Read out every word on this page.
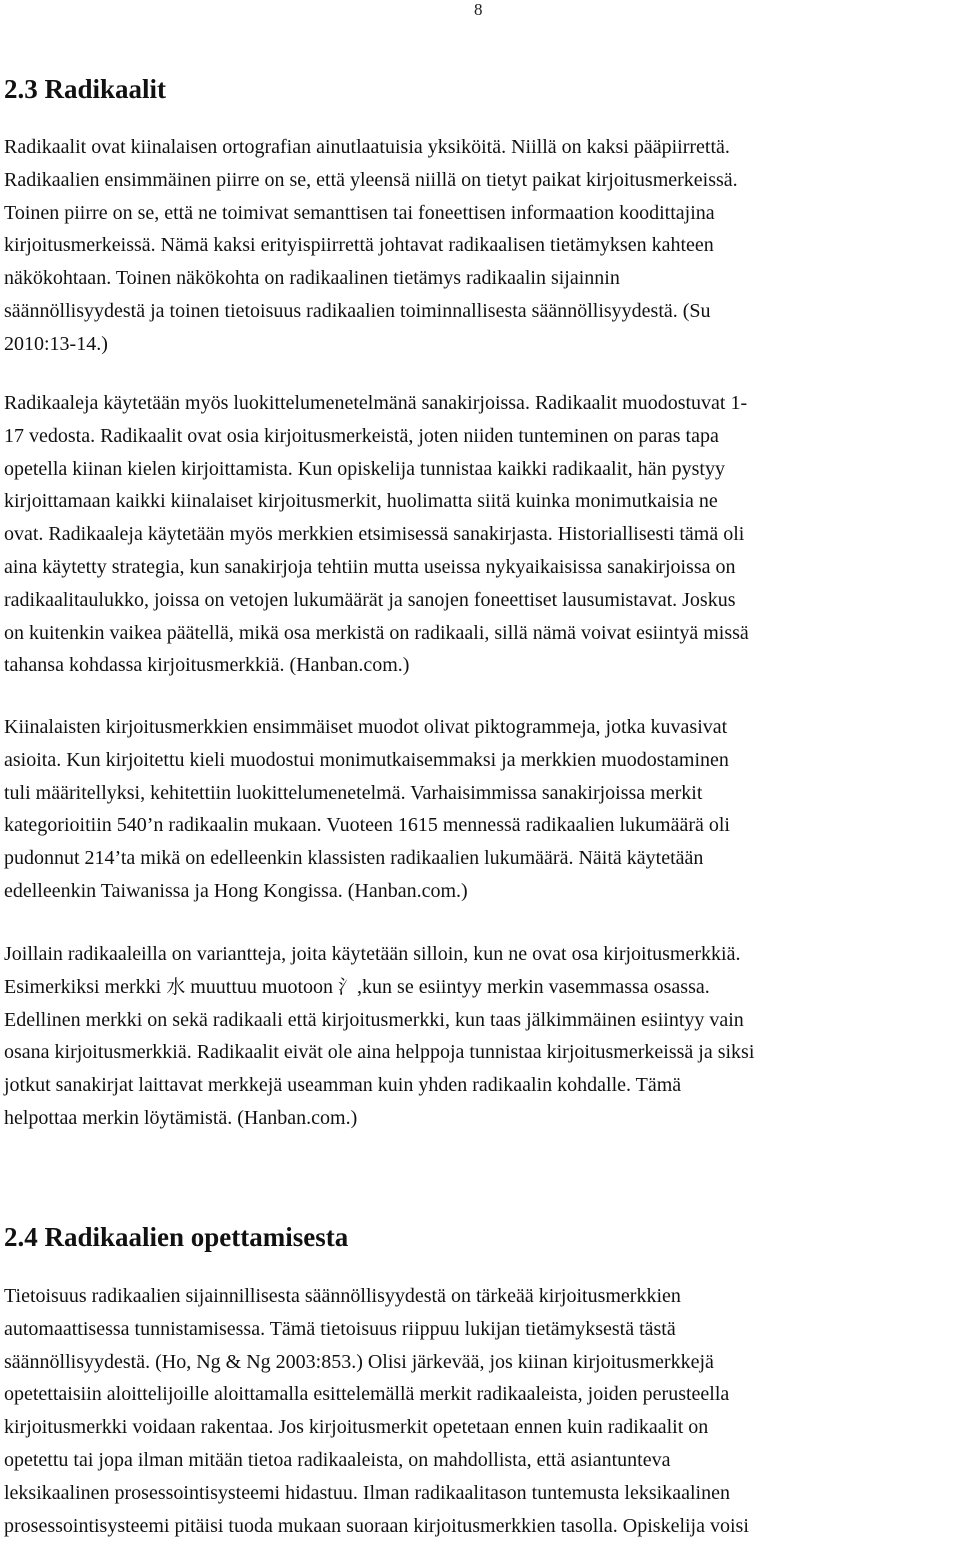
8
2.3 Radikaalit
Radikaalit ovat kiinalaisen ortografian ainutlaatuisia yksiköitä. Niillä on kaksi pääpiirrettä.
Radikaalien ensimmäinen piirre on se, että yleensä niillä on tietyt paikat kirjoitusmerkeissä.
Toinen piirre on se, että ne toimivat semanttisen tai foneettisen informaation koodittajina
kirjoitusmerkeissä. Nämä kaksi erityispiirrettä johtavat radikaalisen tietämyksen kahteen
näkökohtaan. Toinen näkökohta on radikaalinen tietämys radikaalin sijainnin
säännöllisyydestä ja toinen tietoisuus radikaalien toiminnallisesta säännöllisyydestä. (Su
2010:13-14.)
Radikaaleja käytetään myös luokittelumenetelmänä sanakirjoissa. Radikaalit muodostuvat 1-
17 vedosta. Radikaalit ovat osia kirjoitusmerkeistä, joten niiden tunteminen on paras tapa
opetella kiinan kielen kirjoittamista. Kun opiskelija tunnistaa kaikki radikaalit, hän pystyy
kirjoittamaan kaikki kiinalaiset kirjoitusmerkit, huolimatta siitä kuinka monimutkaisia ne
ovat. Radikaaleja käytetään myös merkkien etsimisessä sanakirjasta. Historiallisesti tämä oli
aina käytetty strategia, kun sanakirjoja tehtiin mutta useissa nykyaikaisissa sanakirjoissa on
radikaalitaulukko, joissa on vetojen lukumäärät ja sanojen foneettiset lausumistavat. Joskus
on kuitenkin vaikea päätellä, mikä osa merkistä on radikaali, sillä nämä voivat esiintyä missä
tahansa kohdassa kirjoitusmerkkiä. (Hanban.com.)
Kiinalaisten kirjoitusmerkkien ensimmäiset muodot olivat piktogrammeja, jotka kuvasivat
asioita. Kun kirjoitettu kieli muodostui monimutkaisemmaksi ja merkkien muodostaminen
tuli määritellyksi, kehitettiin luokittelumenetelmä. Varhaisimmissa sanakirjoissa merkit
kategorioitiin 540’n radikaalin mukaan. Vuoteen 1615 mennessä radikaalien lukumäärä oli
pudonnut 214’ta mikä on edelleenkin klassisten radikaalien lukumäärä. Näitä käytetään
edelleenkin Taiwanissa ja Hong Kongissa. (Hanban.com.)
Joillain radikaaleilla on variantteja, joita käytetään silloin, kun ne ovat osa kirjoitusmerkkiä.
Esimerkiksi merkki 水 muuttuu muotoon 氵,kun se esiintyy merkin vasemmassa osassa.
Edellinen merkki on sekä radikaali että kirjoitusmerkki, kun taas jälkimmäinen esiintyy vain
osana kirjoitusmerkkiä. Radikaalit eivät ole aina helppoja tunnistaa kirjoitusmerkeissä ja siksi
jotkut sanakirjat laittavat merkkejä useamman kuin yhden radikaalin kohdalle. Tämä
helpottaa merkin löytämistä. (Hanban.com.)
2.4 Radikaalien opettamisesta
Tietoisuus radikaalien sijainnillisesta säännöllisyydestä on tärkeää kirjoitusmerkkien
automaattisessa tunnistamisessa. Tämä tietoisuus riippuu lukijan tietämyksestä tästä
säännöllisyydestä. (Ho, Ng & Ng 2003:853.) Olisi järkevää, jos kiinan kirjoitusmerkkejä
opetettaisiin aloittelijoille aloittamalla esittelemällä merkit radikaaleista, joiden perusteella
kirjoitusmerkki voidaan rakentaa. Jos kirjoitusmerkit opetetaan ennen kuin radikaalit on
opetettu tai jopa ilman mitään tietoa radikaaleista, on mahdollista, että asiantunteva
leksikaalinen prosessointisysteemi hidastuu. Ilman radikaalitason tuntemusta leksikaalinen
prosessointisysteemi pitäisi tuoda mukaan suoraan kirjoitusmerkkien tasolla. Opiskelija voisi
